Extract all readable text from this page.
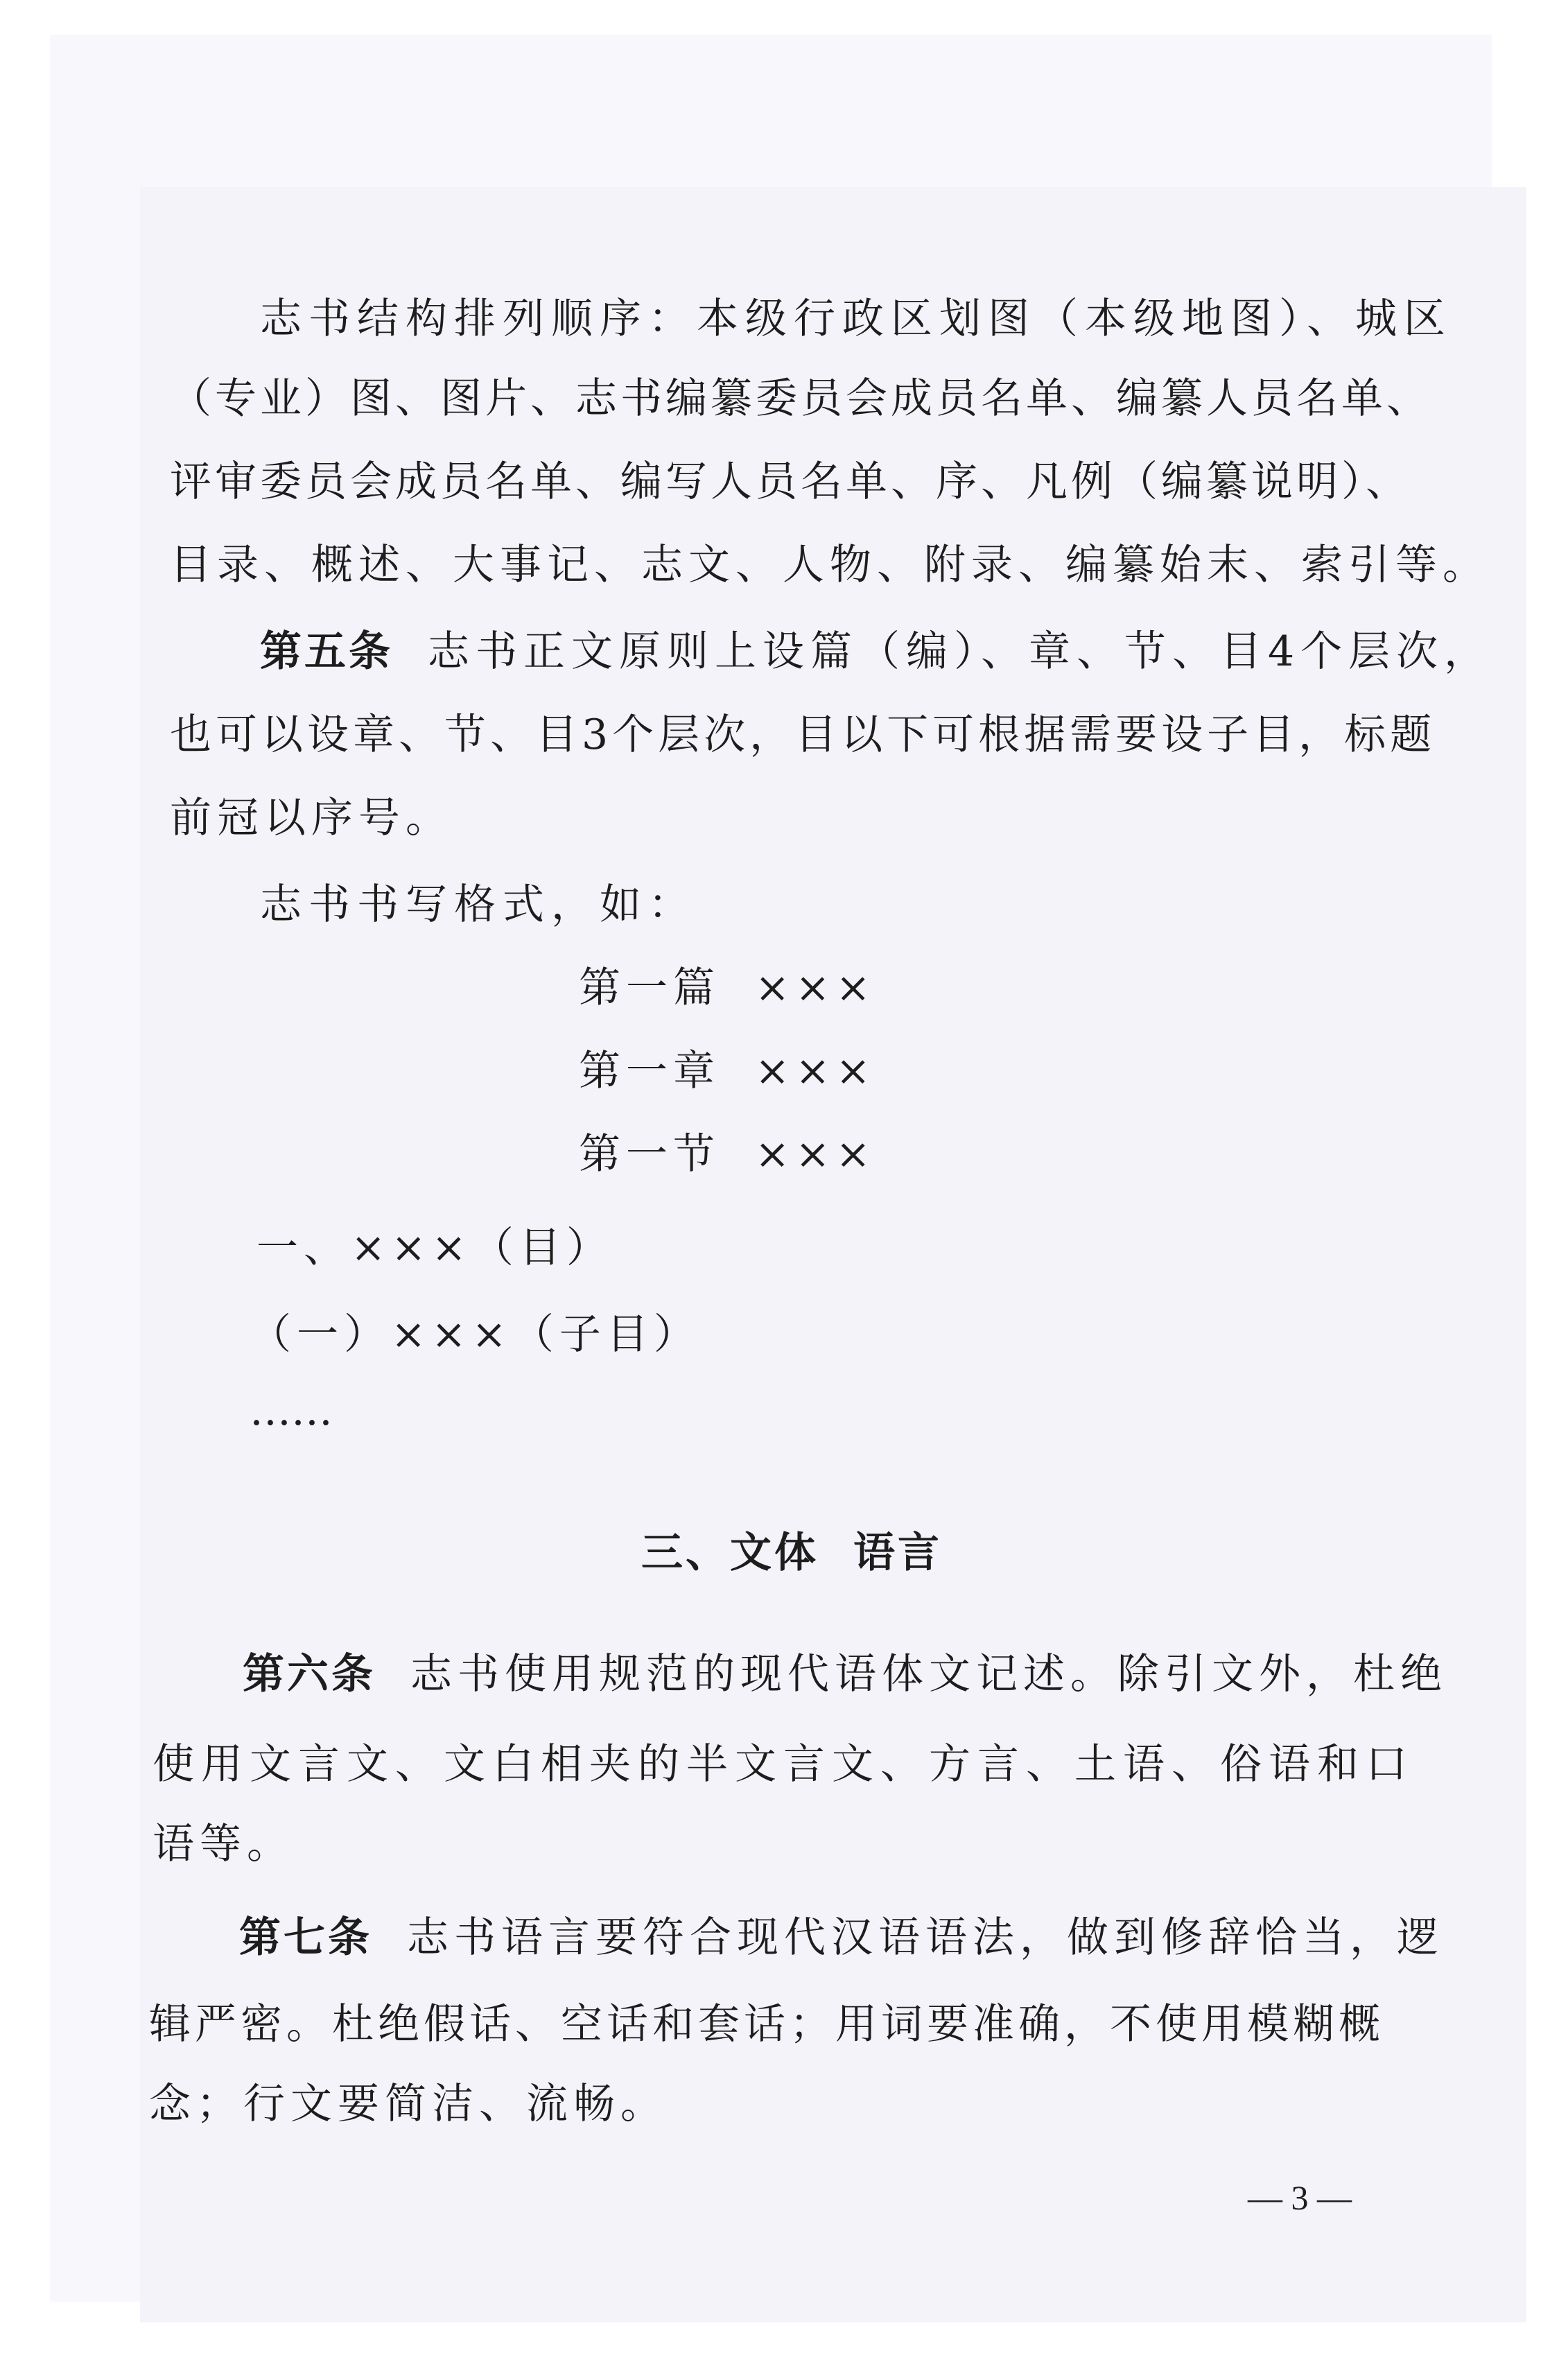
志书结构排列顺序：本级行政区划图（本级地图）、城区
（专业）图、图片、志书编纂委员会成员名单、编纂人员名单、
评审委员会成员名单、编写人员名单、序、凡例（编纂说明）、
目录、概述、大事记、志文、人物、附录、编纂始末、索引等。
第五条 志书正文原则上设篇（编）、章、节、目4个层次，
也可以设章、节、目3个层次，目以下可根据需要设子目，标题
前冠以序号。
志书书写格式，如：
第一篇 ×××
第一章 ×××
第一节 ×××
一、×××（目）
（一）×××（子目）
……
三、文体 语言
第六条 志书使用规范的现代语体文记述。除引文外，杜绝
使用文言文、文白相夹的半文言文、方言、土语、俗语和口
语等。
第七条 志书语言要符合现代汉语语法，做到修辞恰当，逻
辑严密。杜绝假话、空话和套话；用词要准确，不使用模糊概
念；行文要简洁、流畅。
— 3 —
